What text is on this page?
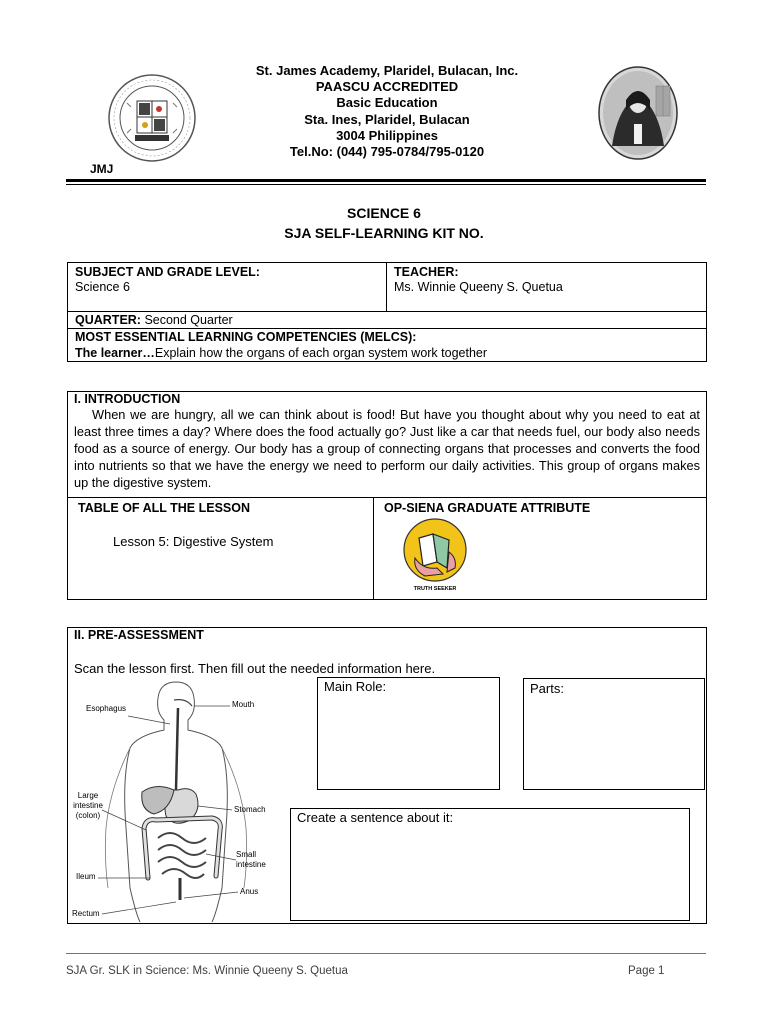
St. James Academy, Plaridel, Bulacan, Inc.
PAASCU ACCREDITED
Basic Education
Sta. Ines, Plaridel, Bulacan
3004 Philippines
Tel.No: (044) 795-0784/795-0120
JMJ
SCIENCE 6
SJA SELF-LEARNING KIT NO.
SUBJECT AND GRADE LEVEL:
Science 6
TEACHER:
Ms. Winnie Queeny S. Quetua
QUARTER: Second Quarter
MOST ESSENTIAL LEARNING COMPETENCIES (MELCS):
The learner…Explain how the organs of each organ system work together
I. INTRODUCTION
When we are hungry, all we can think about is food! But have you thought about why you need to eat at least three times a day? Where does the food actually go? Just like a car that needs fuel, our body also needs food as a source of energy. Our body has a group of connecting organs that processes and converts the food into nutrients so that we have the energy we need to perform our daily activities. This group of organs makes up the digestive system.
TABLE OF ALL THE LESSON
Lesson 5: Digestive System
OP-SIENA GRADUATE ATTRIBUTE
TRUTH SEEKER
II. PRE-ASSESSMENT
Scan the lesson first. Then fill out the needed information here.
Main Role:	Parts:
Create a sentence about it:
Esophagus	Mouth
Large intestine (colon)
Stomach
Small intestine
Ileum
Anus
Rectum
SJA Gr. SLK in Science: Ms. Winnie Queeny S. Quetua	Page 1
